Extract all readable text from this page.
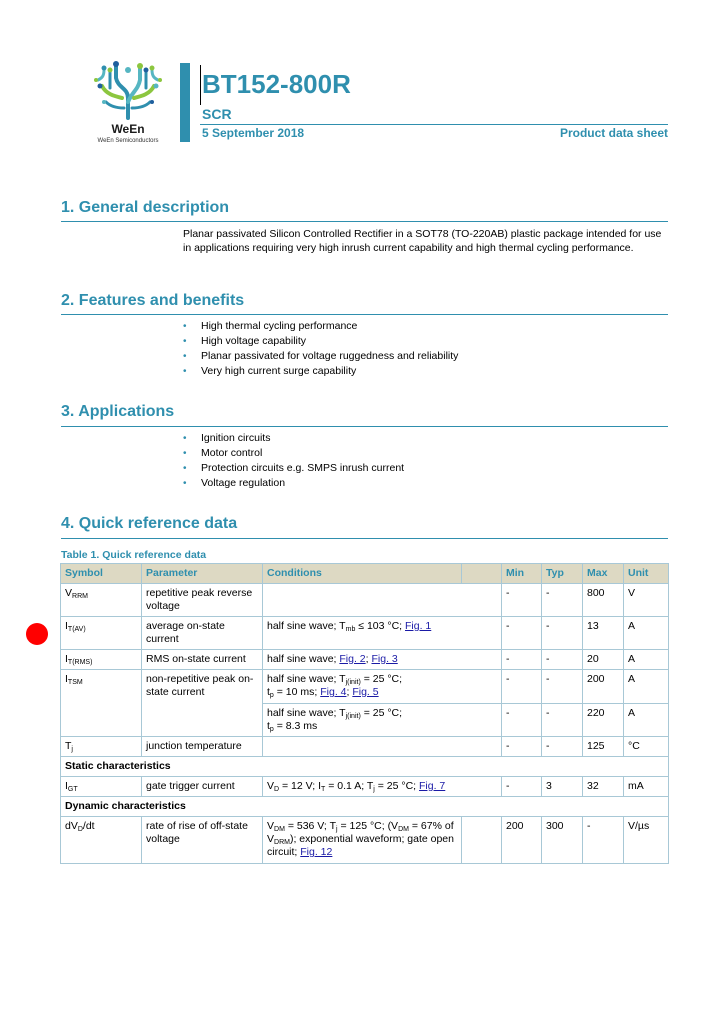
WeEn
WeEn Semiconductors
BT152-800R
SCR
5 September 2018	Product data sheet
1. General description
Planar passivated Silicon Controlled Rectifier in a SOT78 (TO-220AB) plastic package intended for use in applications requiring very high inrush current capability and high thermal cycling performance.
2. Features and benefits
• High thermal cycling performance
• High voltage capability
• Planar passivated for voltage ruggedness and reliability
• Very high current surge capability
3. Applications
• Ignition circuits
• Motor control
• Protection circuits e.g. SMPS inrush current
• Voltage regulation
4. Quick reference data
Table 1. Quick reference data
Symbol	Parameter	Conditions		Min	Typ	Max	Unit
$V_{RRM}$	repetitive peak reverse voltage			-	-	800	V
$I_{T(AV)}$	average on-state current	half sine wave; $T_{mb} \le 103$ °C; Fig. 1		-	-	13	A
$I_{T(RMS)}$	RMS on-state current	half sine wave; Fig. 2; Fig. 3		-	-	20	A
$I_{TSM}$	non-repetitive peak on-state current	half sine wave; $T_{j(init)} = 25$ °C;
$t_p = 10$ ms; Fig. 4; Fig. 5		-	-	200	A
		half sine wave; $T_{j(init)} = 25$ °C;
$t_p = 8.3$ ms		-	-	220	A
$T_j$	junction temperature			-	-	125	°C
Static characteristics							
$I_{GT}$	gate trigger current	$V_D = 12$ V; $I_T = 0.1$ A; $T_j = 25$ °C; Fig. 7		-	3	32	mA
Dynamic characteristics							
$dV_D/dt$	rate of rise of off-state voltage	$V_{DM} = 536$ V; $T_j = 125$ °C; ($V_{DM} = 67\%$ of $V_{DRM}$); exponential waveform; gate open circuit; Fig. 12		200	300	-	V/µs
